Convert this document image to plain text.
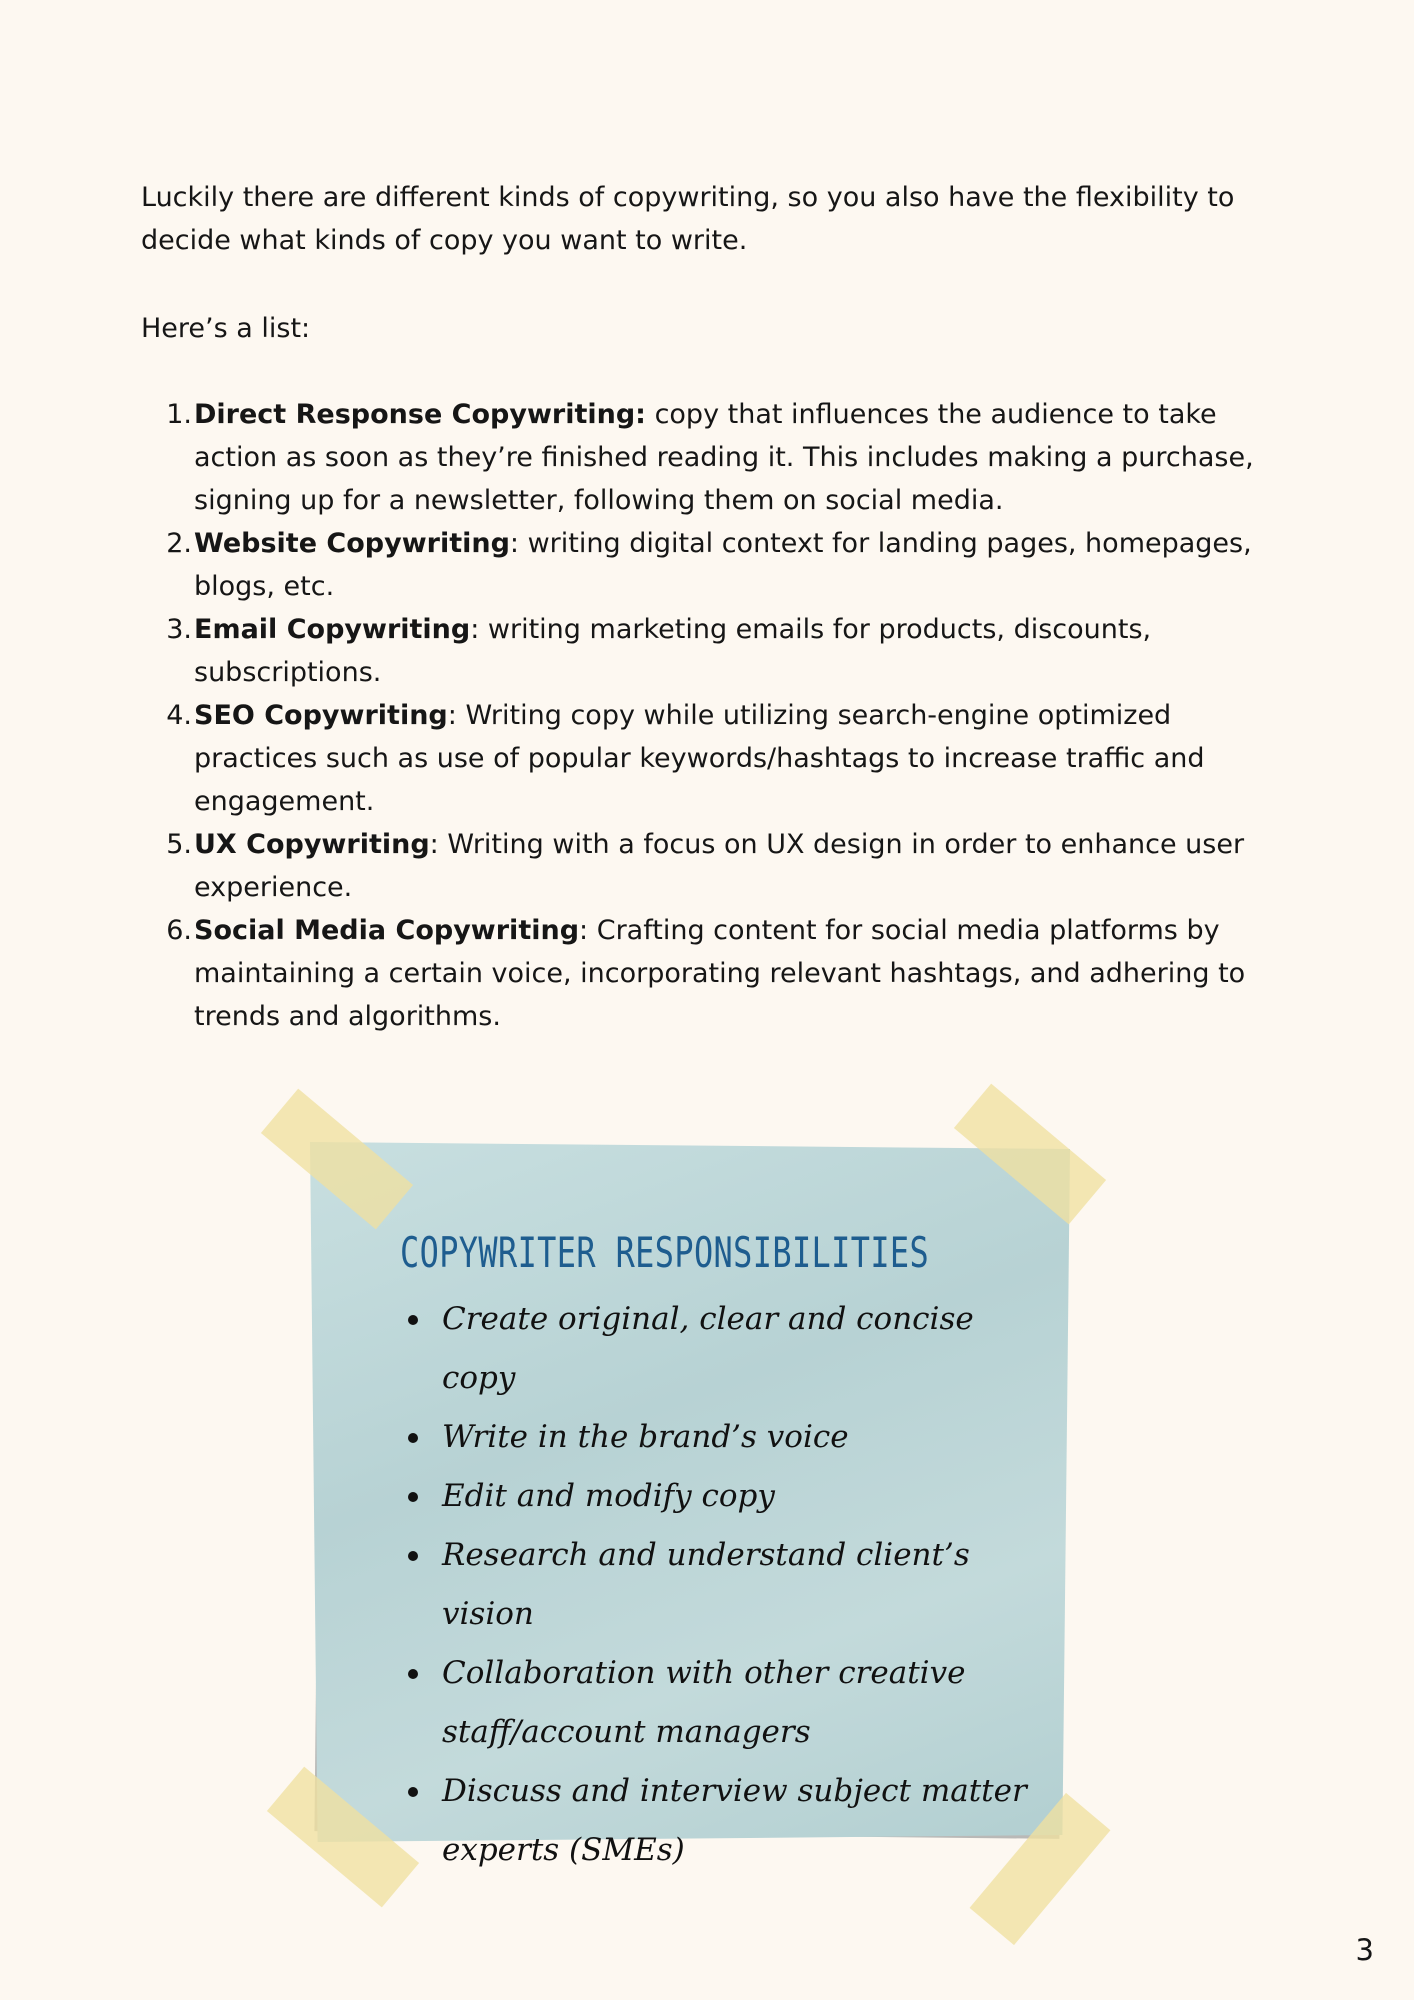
Luckily there are different kinds of copywriting, so you also have the flexibility to decide what kinds of copy you want to write.

Here’s a list:

1. Direct Response Copywriting: copy that influences the audience to take action as soon as they’re finished reading it. This includes making a purchase, signing up for a newsletter, following them on social media.
2. Website Copywriting: writing digital context for landing pages, homepages, blogs, etc.
3. Email Copywriting: writing marketing emails for products, discounts, subscriptions.
4. SEO Copywriting: Writing copy while utilizing search-engine optimized practices such as use of popular keywords/hashtags to increase traffic and engagement.
5. UX Copywriting: Writing with a focus on UX design in order to enhance user experience.
6. Social Media Copywriting: Crafting content for social media platforms by maintaining a certain voice, incorporating relevant hashtags, and adhering to trends and algorithms.
COPYWRITER RESPONSIBILITIES
Create original, clear and concise copy
Write in the brand’s voice
Edit and modify copy
Research and understand client’s vision
Collaboration with other creative staff/account managers
Discuss and interview subject matter experts (SMEs)
3
